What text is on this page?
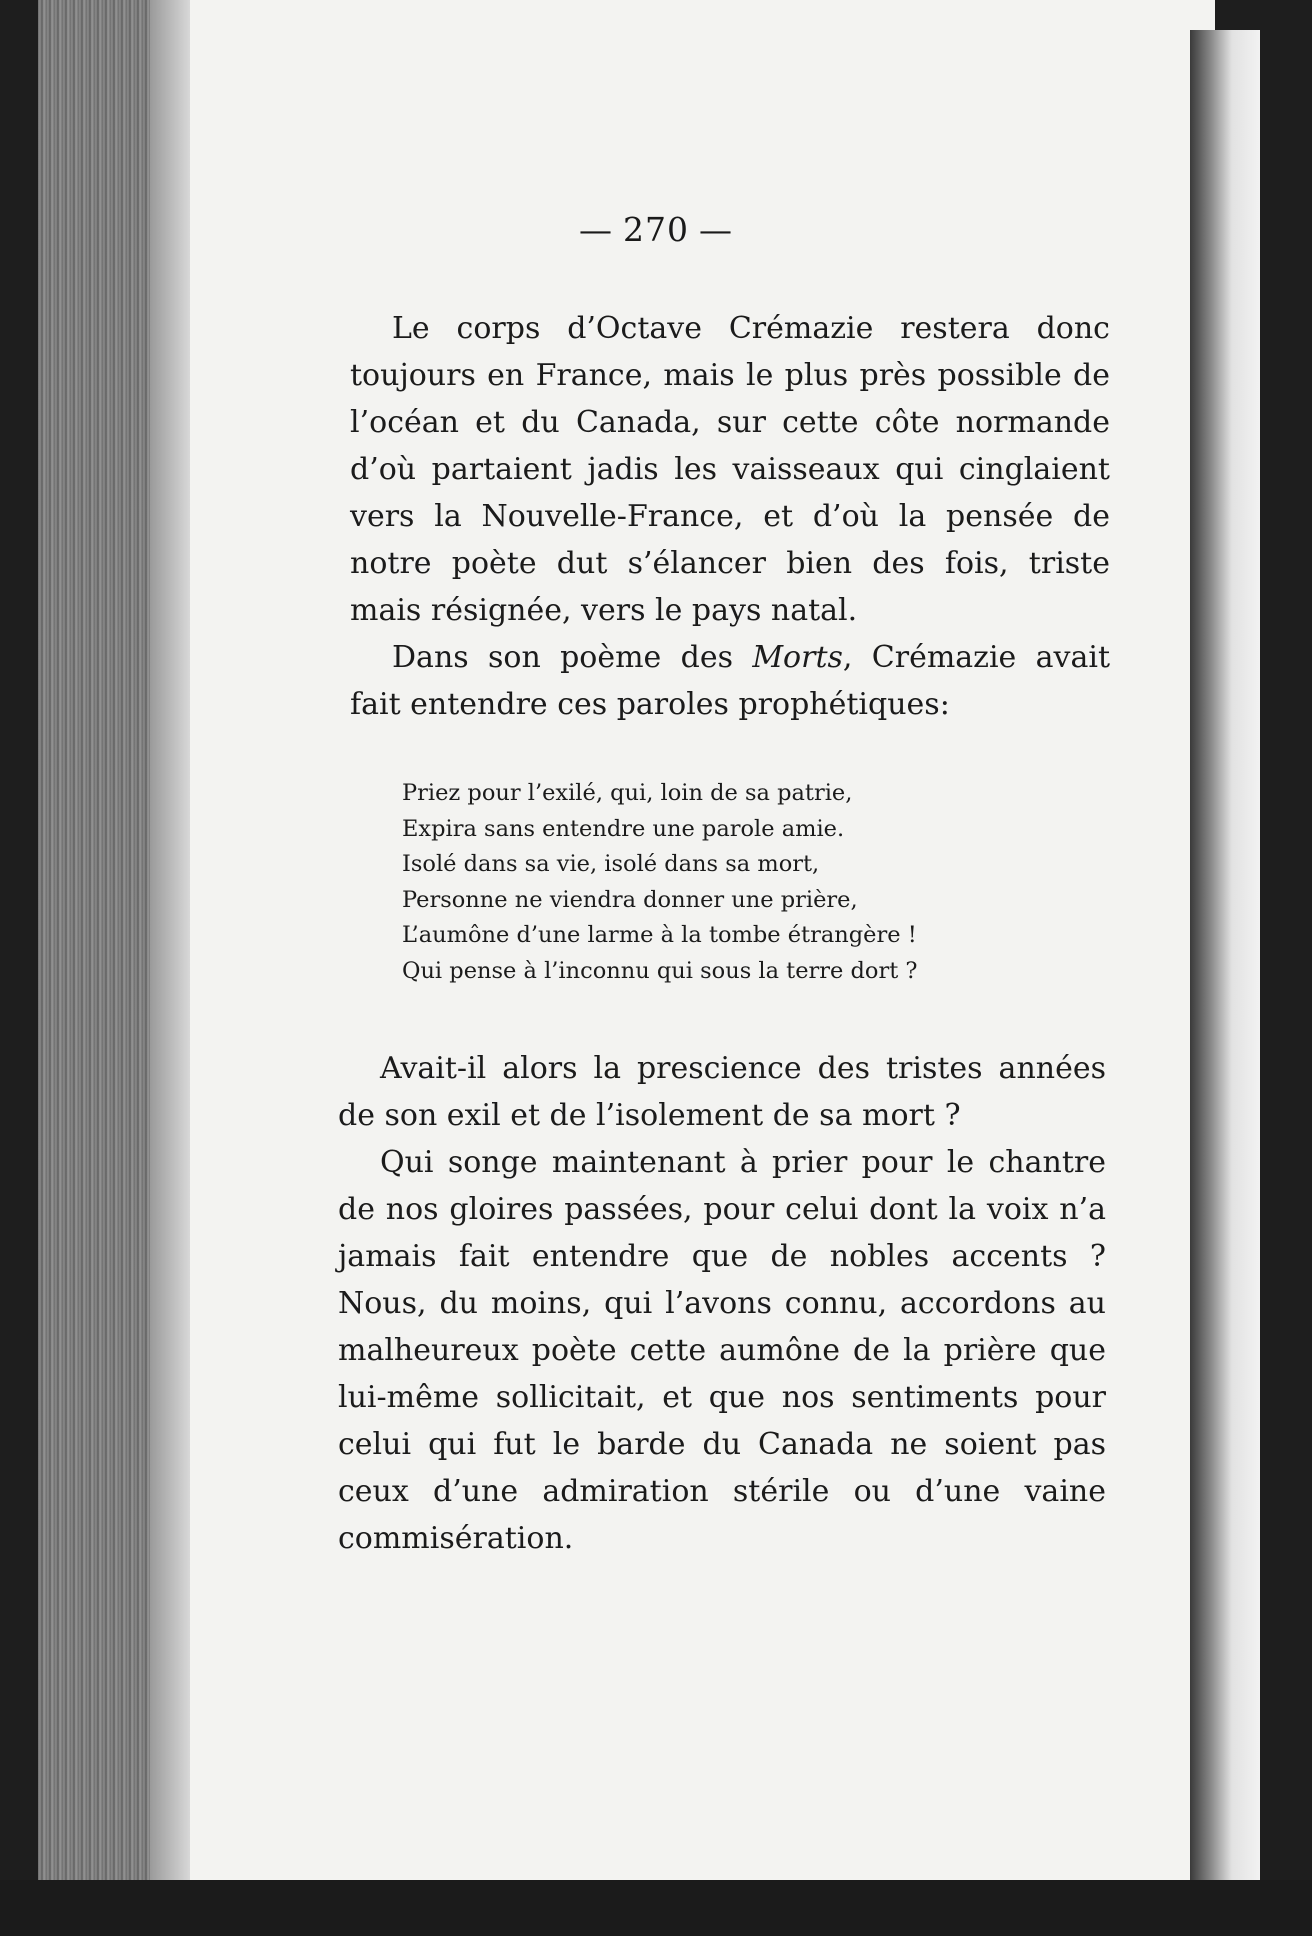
— 270 —

Le corps d’Octave Crémazie restera donc toujours en France, mais le plus près possible de l’océan et du Canada, sur cette côte normande d’où partaient jadis les vaisseaux qui cinglaient vers la Nouvelle-France, et d’où la pensée de notre poète dut s’élancer bien des fois, triste mais résignée, vers le pays natal.

Dans son poème des Morts, Crémazie avait fait entendre ces paroles prophétiques:

Priez pour l’exilé, qui, loin de sa patrie,
Expira sans entendre une parole amie.
Isolé dans sa vie, isolé dans sa mort,
Personne ne viendra donner une prière,
L’aumône d’une larme à la tombe étrangère !
Qui pense à l’inconnu qui sous la terre dort ?

Avait-il alors la prescience des tristes années de son exil et de l’isolement de sa mort ?

Qui songe maintenant à prier pour le chantre de nos gloires passées, pour celui dont la voix n’a jamais fait entendre que de nobles accents ? Nous, du moins, qui l’avons connu, accordons au malheureux poète cette aumône de la prière que lui-même sollicitait, et que nos sentiments pour celui qui fut le barde du Canada ne soient pas ceux d’une admiration stérile ou d’une vaine commisération.
